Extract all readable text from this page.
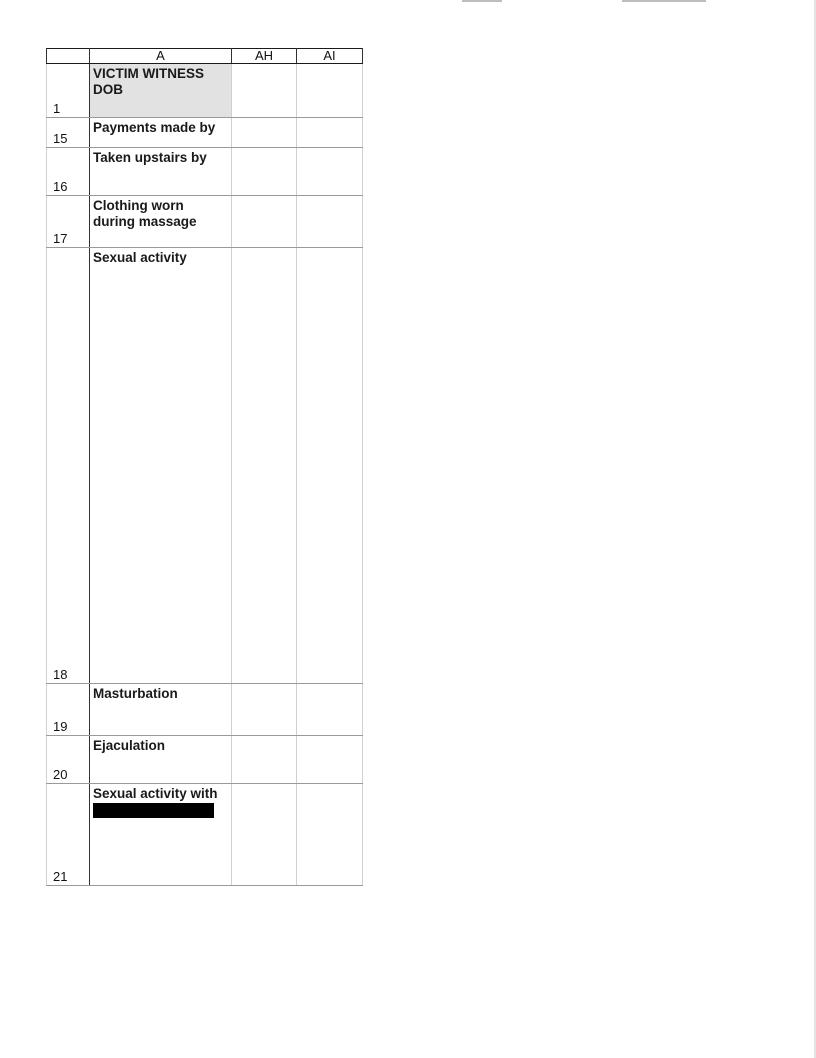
	A	AH	AI
1	VICTIM WITNESS DOB		

15	Payments made by		
16	Taken upstairs by		
17	Clothing worn during massage		
18	Sexual activity		
19	Masturbation		
20	Ejaculation		
21	Sexual activity with		
